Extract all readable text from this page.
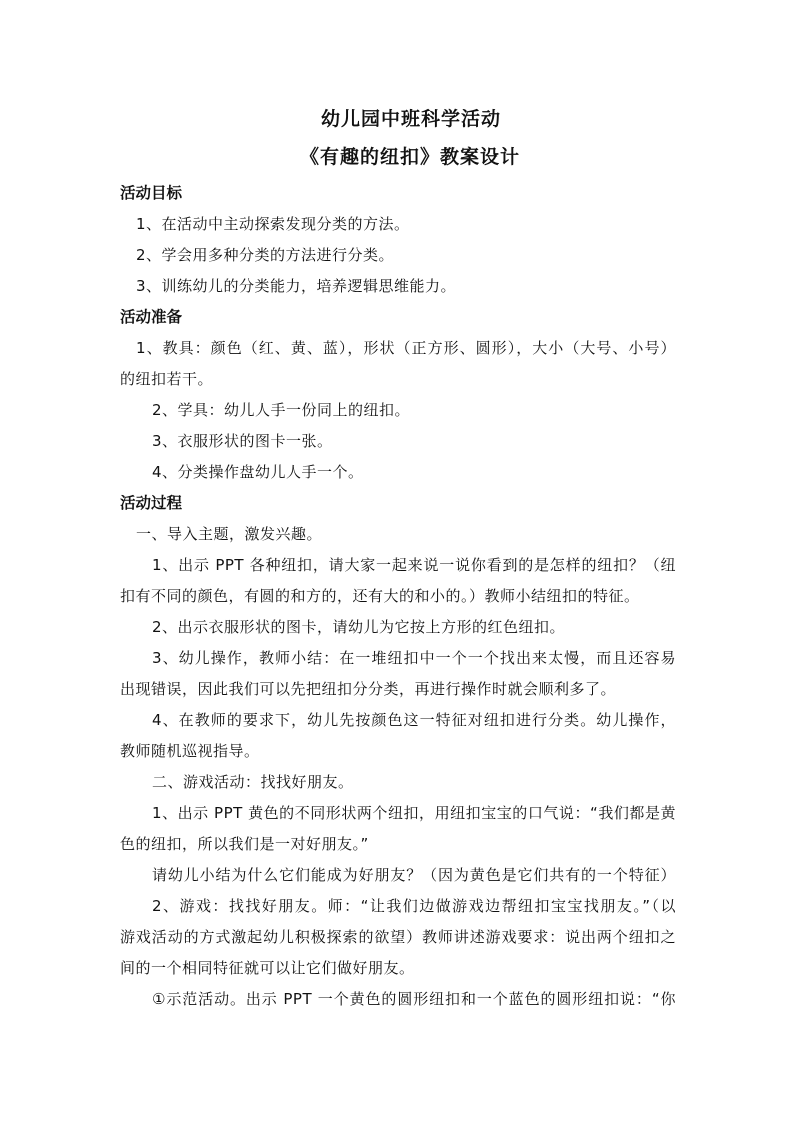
幼儿园中班科学活动
《有趣的纽扣》教案设计
活动目标
1、在活动中主动探索发现分类的方法。
2、学会用多种分类的方法进行分类。
3、训练幼儿的分类能力，培养逻辑思维能力。
活动准备
1、教具：颜色（红、黄、蓝），形状（正方形、圆形），大小（大号、小号）
的纽扣若干。
2、学具：幼儿人手一份同上的纽扣。
3、衣服形状的图卡一张。
4、分类操作盘幼儿人手一个。
活动过程
一、导入主题，激发兴趣。
1、出示 PPT 各种纽扣，请大家一起来说一说你看到的是怎样的纽扣？（纽
扣有不同的颜色，有圆的和方的，还有大的和小的。）教师小结纽扣的特征。
2、出示衣服形状的图卡，请幼儿为它按上方形的红色纽扣。
3、幼儿操作，教师小结：在一堆纽扣中一个一个找出来太慢，而且还容易
出现错误，因此我们可以先把纽扣分分类，再进行操作时就会顺利多了。
4、在教师的要求下，幼儿先按颜色这一特征对纽扣进行分类。幼儿操作，
教师随机巡视指导。
二、游戏活动：找找好朋友。
1、出示 PPT 黄色的不同形状两个纽扣，用纽扣宝宝的口气说：“我们都是黄
色的纽扣，所以我们是一对好朋友。”
请幼儿小结为什么它们能成为好朋友？（因为黄色是它们共有的一个特征）
2、游戏：找找好朋友。师：“让我们边做游戏边帮纽扣宝宝找朋友。”（以
游戏活动的方式激起幼儿积极探索的欲望）教师讲述游戏要求：说出两个纽扣之
间的一个相同特征就可以让它们做好朋友。
①示范活动。出示 PPT 一个黄色的圆形纽扣和一个蓝色的圆形纽扣说：“你
